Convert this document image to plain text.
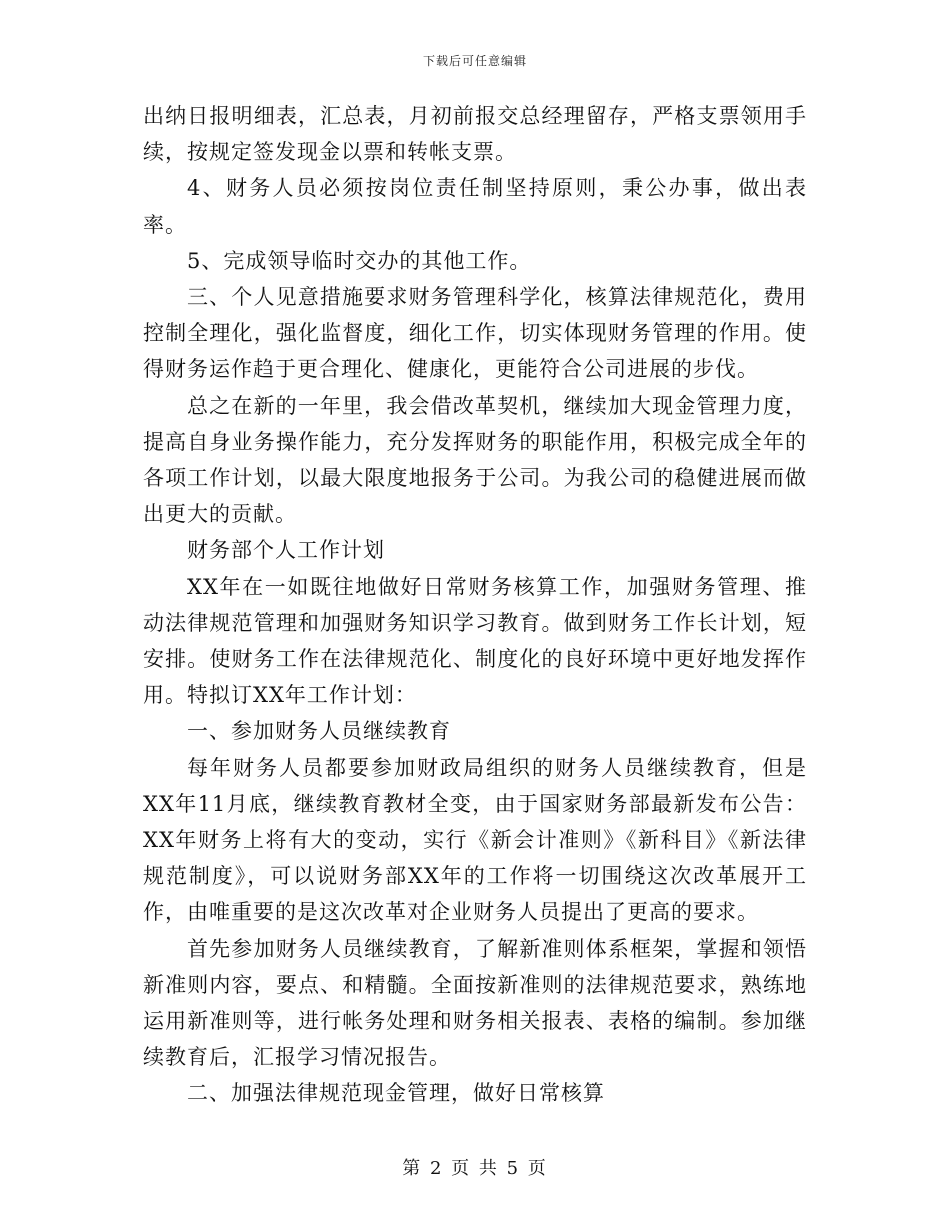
下载后可任意编辑

出纳日报明细表，汇总表，月初前报交总经理留存，严格支票领用手续，按规定签发现金以票和转帐支票。

4、财务人员必须按岗位责任制坚持原则，秉公办事，做出表率。

5、完成领导临时交办的其他工作。

三、个人见意措施要求财务管理科学化，核算法律规范化，费用控制全理化，强化监督度，细化工作，切实体现财务管理的作用。使得财务运作趋于更合理化、健康化，更能符合公司进展的步伐。

总之在新的一年里，我会借改革契机，继续加大现金管理力度，提高自身业务操作能力，充分发挥财务的职能作用，积极完成全年的各项工作计划，以最大限度地报务于公司。为我公司的稳健进展而做出更大的贡献。

财务部个人工作计划

XX年在一如既往地做好日常财务核算工作，加强财务管理、推动法律规范管理和加强财务知识学习教育。做到财务工作长计划，短安排。使财务工作在法律规范化、制度化的良好环境中更好地发挥作用。特拟订XX年工作计划：

一、参加财务人员继续教育

每年财务人员都要参加财政局组织的财务人员继续教育，但是XX年11月底，继续教育教材全变，由于国家财务部最新发布公告：XX年财务上将有大的变动，实行《新会计准则》《新科目》《新法律规范制度》，可以说财务部XX年的工作将一切围绕这次改革展开工作，由唯重要的是这次改革对企业财务人员提出了更高的要求。

首先参加财务人员继续教育，了解新准则体系框架，掌握和领悟新准则内容，要点、和精髓。全面按新准则的法律规范要求，熟练地运用新准则等，进行帐务处理和财务相关报表、表格的编制。参加继续教育后，汇报学习情况报告。

二、加强法律规范现金管理，做好日常核算

第 2 页 共 5 页
